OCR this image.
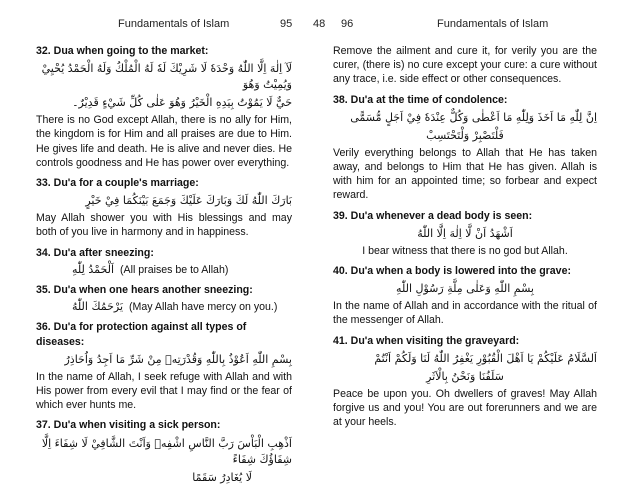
Fundamentals of Islam	95
32. Dua when going to the market:
لَآ اِلٰهَ اِلَّا اللّٰهُ وَحْدَهٗ لَا شَرِيْكَ لَهٗ لَهُ الْمُلْكُ وَلَهُ الْحَمْدُ يُحْيِيْ وَيُمِيْتُ وَهُوَ
حَيٌّ لَا يَمُوْتُ بِيَدِهِ الْخَيْرُ وَهُوَ عَلٰى كُلِّ شَيْءٍ قَدِيْرٌ۔
There is no God except Allah, there is no ally for Him, the kingdom is for Him and all praises are due to Him. He gives life and death. He is alive and never dies. He controls goodness and He has power over everything.
33. Du'a for a couple's marriage:
بَارَكَ اللّٰهُ لَكَ وَبَارَكَ عَلَيْكَ وَجَمَعَ بَيْنَكُمَا فِيْ خَيْرٍ
May Allah shower you with His blessings and may both of you live in harmony and in happiness.
34. Du'a after sneezing:
اَلْحَمْدُ لِلّٰهِ (All praises be to Allah)
35. Du'a when one hears another sneezing:
يَرْحَمُكَ اللّٰهُ (May Allah have mercy on you.)
36. Du'a for protection against all types of diseases:
بِسْمِ اللّٰهِ اَعُوْذُ بِاللّٰهِ وَقُدْرَتِهٖ مِنْ شَرِّ مَا اَجِدُ وَاُحَاذِرُ
In the name of Allah, I seek refuge with Allah and with His power from every evil that I may find or the fear of which ever hunts me.
37. Du'a when visiting a sick person:
اَذْهِبِ الْبَاْسَ رَبَّ النَّاسِ اشْفِهٖ وَاَنْتَ الشَّافِيْ لَا شِفَاءَ اِلَّا شِفَاؤُكَ شِفَاءً
لَا يُغَادِرُ سَقَمًا
48 96	Fundamentals of Islam
Remove the ailment and cure it, for verily you are the curer, (there is) no cure except your cure: a cure without any trace, i.e. side effect or other consequences.
38. Du'a at the time of condolence:
اِنَّ لِلّٰهِ مَا اَخَذَ وَلِلّٰهِ مَا اَعْطٰى وَكُلٌّ عِنْدَهٗ فِيْ اَجَلٍ مُّسَمًّى
فَلْتَصْبِرْ وَلْتَحْتَسِبْ
Verily everything belongs to Allah that He has taken away, and belongs to Him that He has given. Allah is with him for an appointed time; so forbear and expect reward.
39. Du'a whenever a dead body is seen:
اَشْهَدُ اَنْ لَّا اِلٰهَ اِلَّا اللّٰهُ
I bear witness that there is no god but Allah.
40. Du'a when a body is lowered into the grave:
بِسْمِ اللّٰهِ وَعَلٰى مِلَّةِ رَسُوْلِ اللّٰهِ
In the name of Allah and in accordance with the ritual of the messenger of Allah.
41. Du'a when visiting the graveyard:
اَلسَّلَامُ عَلَيْكُمْ يَا اَهْلَ الْقُبُوْرِ يَغْفِرُ اللّٰهُ لَنَا وَلَكُمْ اَنْتُمْ
سَلَفُنَا وَنَحْنُ بِالْاَثَرِ
Peace be upon you. Oh dwellers of graves! May Allah forgive us and you! You are out forerunners and we are at your heels.
